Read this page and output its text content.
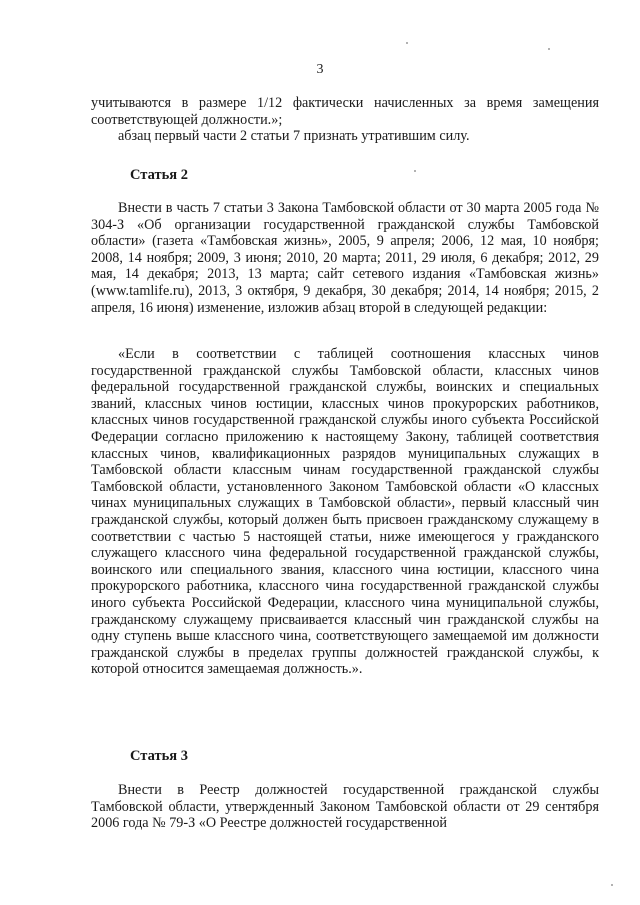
3

учитываются в размере 1/12 фактически начисленных за время замещения соответствующей должности.»;

абзац первый части 2 статьи 7 признать утратившим силу.

Статья 2

Внести в часть 7 статьи 3 Закона Тамбовской области от 30 марта 2005 года № 304-З «Об организации государственной гражданской службы Тамбовской области» (газета «Тамбовская жизнь», 2005, 9 апреля; 2006, 12 мая, 10 ноября; 2008, 14 ноября; 2009, 3 июня; 2010, 20 марта; 2011, 29 июля, 6 декабря; 2012, 29 мая, 14 декабря; 2013, 13 марта; сайт сетевого издания «Тамбовская жизнь» (www.tamlife.ru), 2013, 3 октября, 9 декабря, 30 декабря; 2014, 14 ноября; 2015, 2 апреля, 16 июня) изменение, изложив абзац второй в следующей редакции:

«Если в соответствии с таблицей соотношения классных чинов государственной гражданской службы Тамбовской области, классных чинов федеральной государственной гражданской службы, воинских и специальных званий, классных чинов юстиции, классных чинов прокурорских работников, классных чинов государственной гражданской службы иного субъекта Российской Федерации согласно приложению к настоящему Закону, таблицей соответствия классных чинов, квалификационных разрядов муниципальных служащих в Тамбовской области классным чинам государственной гражданской службы Тамбовской области, установленного Законом Тамбовской области «О классных чинах муниципальных служащих в Тамбовской области», первый классный чин гражданской службы, который должен быть присвоен гражданскому служащему в соответствии с частью 5 настоящей статьи, ниже имеющегося у гражданского служащего классного чина федеральной государственной гражданской службы, воинского или специального звания, классного чина юстиции, классного чина прокурорского работника, классного чина государственной гражданской службы иного субъекта Российской Федерации, классного чина муниципальной службы, гражданскому служащему присваивается классный чин гражданской службы на одну ступень выше классного чина, соответствующего замещаемой им должности гражданской службы в пределах группы должностей гражданской службы, к которой относится замещаемая должность.».

Статья 3

Внести в Реестр должностей государственной гражданской службы Тамбовской области, утвержденный Законом Тамбовской области от 29 сентября 2006 года № 79-З «О Реестре должностей государственной
